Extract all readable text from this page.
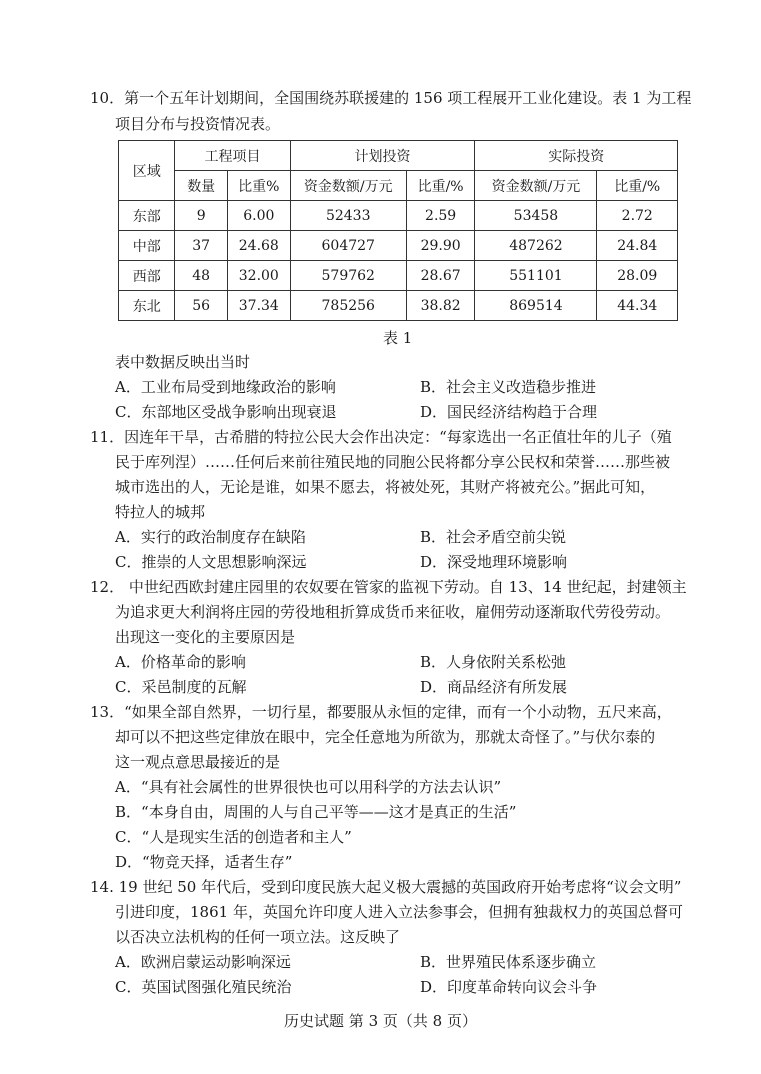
10．第一个五年计划期间，全国围绕苏联援建的 156 项工程展开工业化建设。表 1 为工程
项目分布与投资情况表。
区域	工程项目		计划投资		实际投资	
	数量	比重%	资金数额/万元	比重/%	资金数额/万元	比重/%
东部	9	6.00	52433	2.59	53458	2.72
中部	37	24.68	604727	29.90	487262	24.84
西部	48	32.00	579762	28.67	551101	28.09
东北	56	37.34	785256	38.82	869514	44.34
表 1
表中数据反映出当时
A．工业布局受到地缘政治的影响	B．社会主义改造稳步推进
C．东部地区受战争影响出现衰退	D．国民经济结构趋于合理
11．因连年干旱，古希腊的特拉公民大会作出决定：“每家选出一名正值壮年的儿子（殖
民于库列涅）……任何后来前往殖民地的同胞公民将都分享公民权和荣誉……那些被
城市选出的人，无论是谁，如果不愿去，将被处死，其财产将被充公。”据此可知，
特拉人的城邦
A．实行的政治制度存在缺陷	B．社会矛盾空前尖锐
C．推崇的人文思想影响深远	D．深受地理环境影响
12． 中世纪西欧封建庄园里的农奴要在管家的监视下劳动。自 13、14 世纪起，封建领主
为追求更大利润将庄园的劳役地租折算成货币来征收，雇佣劳动逐渐取代劳役劳动。
出现这一变化的主要原因是
A．价格革命的影响	B．人身依附关系松弛
C．采邑制度的瓦解	D．商品经济有所发展
13．“如果全部自然界，一切行星，都要服从永恒的定律，而有一个小动物，五尺来高，
却可以不把这些定律放在眼中，完全任意地为所欲为，那就太奇怪了。”与伏尔泰的
这一观点意思最接近的是
A．“具有社会属性的世界很快也可以用科学的方法去认识”
B．“本身自由，周围的人与自己平等——这才是真正的生活”
C．“人是现实生活的创造者和主人”
D．“物竞天择，适者生存”
14. 19 世纪 50 年代后，受到印度民族大起义极大震撼的英国政府开始考虑将“议会文明”
引进印度，1861 年，英国允许印度人进入立法参事会，但拥有独裁权力的英国总督可
以否决立法机构的任何一项立法。这反映了
A．欧洲启蒙运动影响深远	B．世界殖民体系逐步确立
C．英国试图强化殖民统治	D．印度革命转向议会斗争
历史试题 第 3 页（共 8 页）
